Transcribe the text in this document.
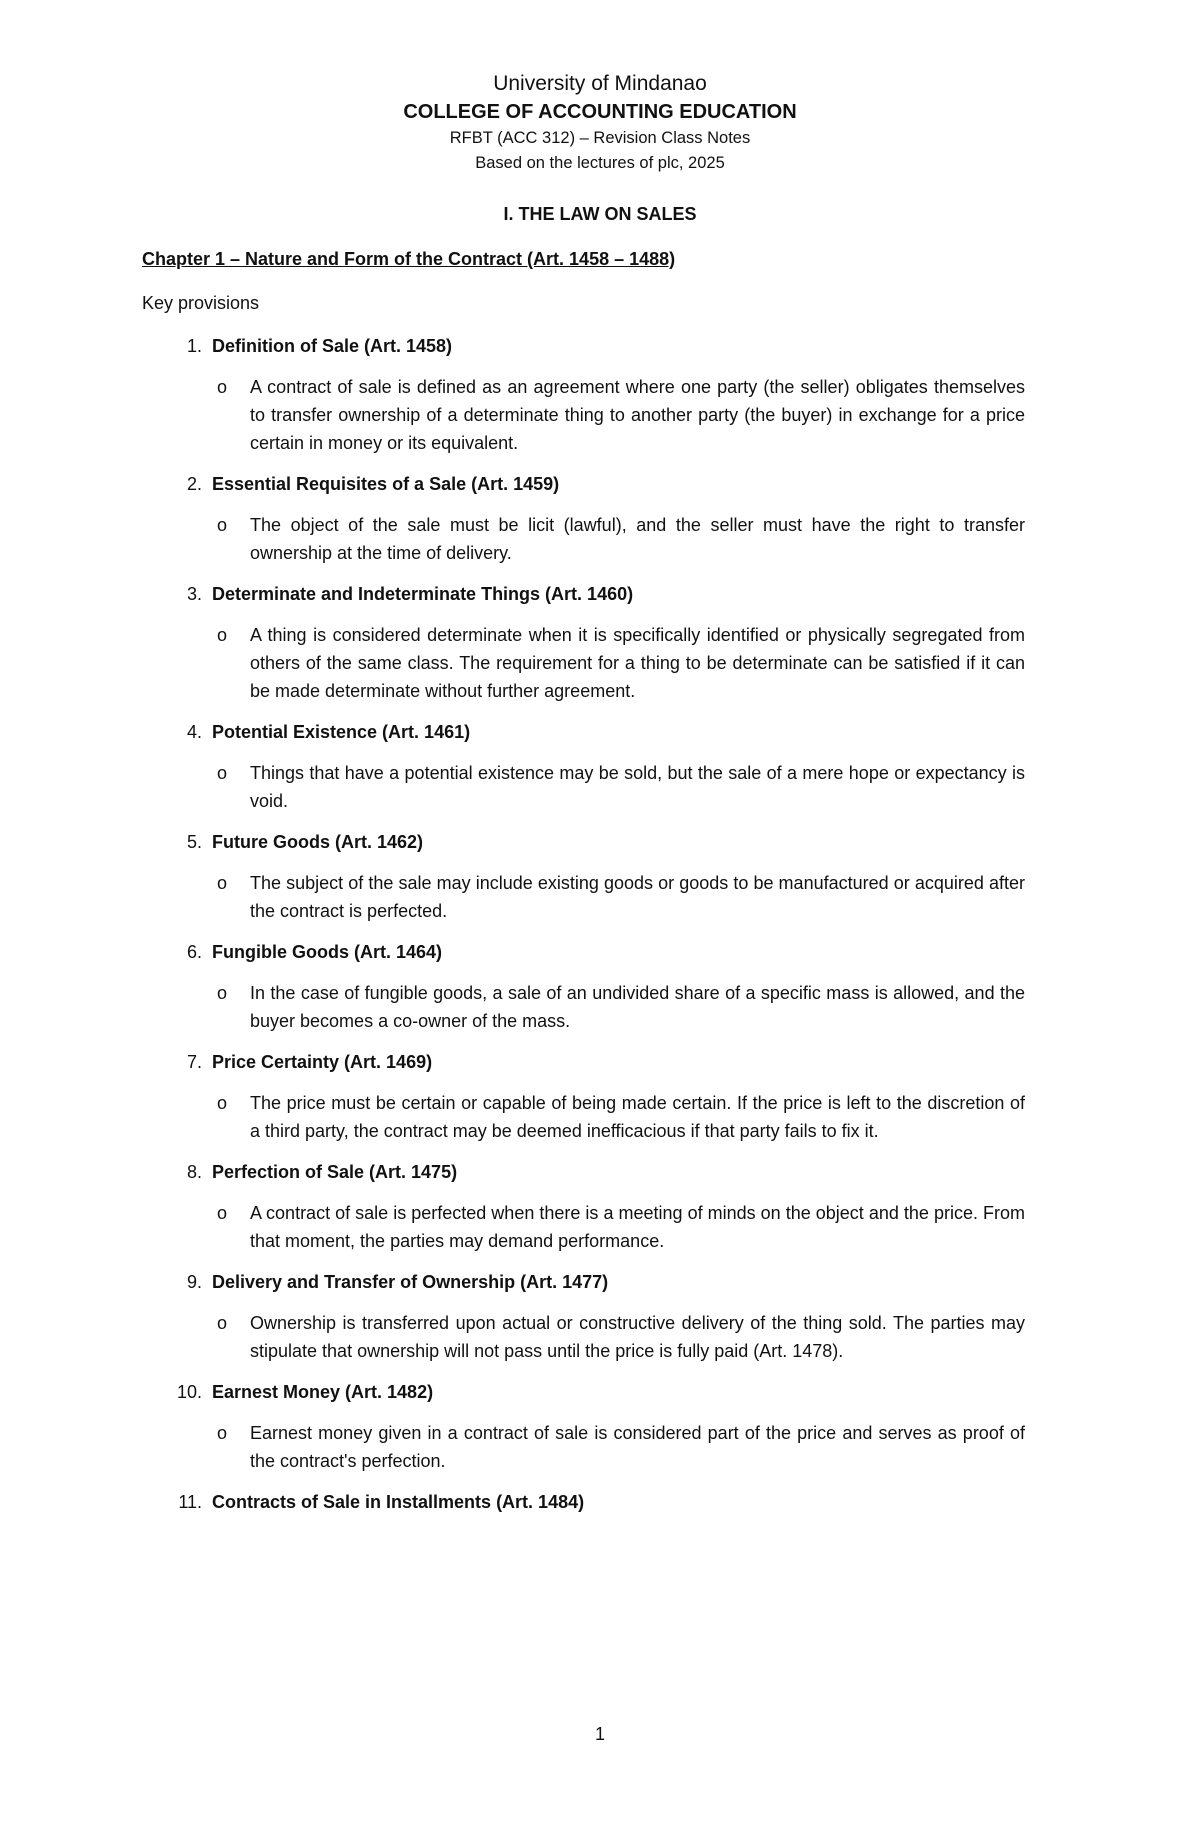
University of Mindanao
COLLEGE OF ACCOUNTING EDUCATION
RFBT (ACC 312) – Revision Class Notes
Based on the lectures of plc, 2025
I. THE LAW ON SALES
Chapter 1 – Nature and Form of the Contract (Art. 1458 – 1488)
Key provisions
1. Definition of Sale (Art. 1458)
o	A contract of sale is defined as an agreement where one party (the seller) obligates themselves to transfer ownership of a determinate thing to another party (the buyer) in exchange for a price certain in money or its equivalent.
2. Essential Requisites of a Sale (Art. 1459)
o	The object of the sale must be licit (lawful), and the seller must have the right to transfer ownership at the time of delivery.
3. Determinate and Indeterminate Things (Art. 1460)
o	A thing is considered determinate when it is specifically identified or physically segregated from others of the same class. The requirement for a thing to be determinate can be satisfied if it can be made determinate without further agreement.
4. Potential Existence (Art. 1461)
o	Things that have a potential existence may be sold, but the sale of a mere hope or expectancy is void.
5. Future Goods (Art. 1462)
o	The subject of the sale may include existing goods or goods to be manufactured or acquired after the contract is perfected.
6. Fungible Goods (Art. 1464)
o	In the case of fungible goods, a sale of an undivided share of a specific mass is allowed, and the buyer becomes a co-owner of the mass.
7. Price Certainty (Art. 1469)
o	The price must be certain or capable of being made certain. If the price is left to the discretion of a third party, the contract may be deemed inefficacious if that party fails to fix it.
8. Perfection of Sale (Art. 1475)
o	A contract of sale is perfected when there is a meeting of minds on the object and the price. From that moment, the parties may demand performance.
9. Delivery and Transfer of Ownership (Art. 1477)
o	Ownership is transferred upon actual or constructive delivery of the thing sold. The parties may stipulate that ownership will not pass until the price is fully paid (Art. 1478).
10. Earnest Money (Art. 1482)
o	Earnest money given in a contract of sale is considered part of the price and serves as proof of the contract's perfection.
11. Contracts of Sale in Installments (Art. 1484)
1
